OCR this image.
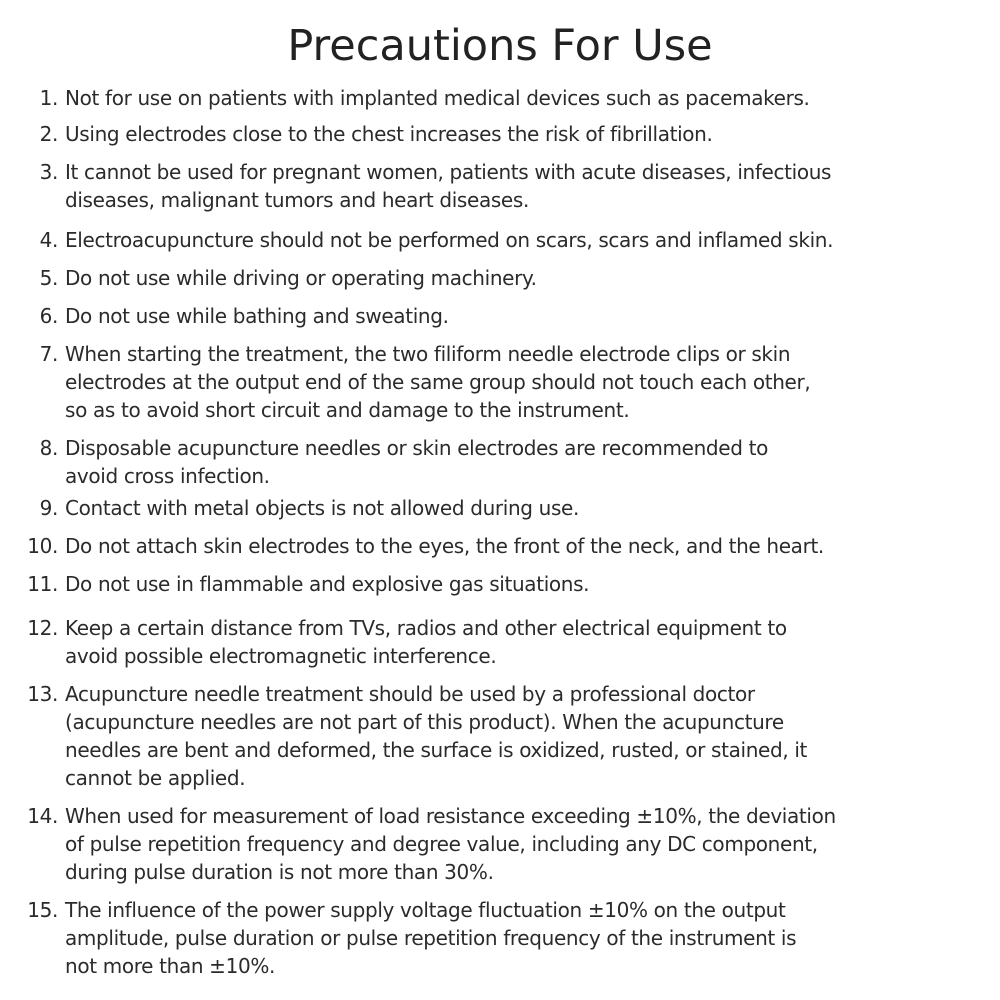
Precautions For Use
1. Not for use on patients with implanted medical devices such as pacemakers.
2. Using electrodes close to the chest increases the risk of fibrillation.
3. It cannot be used for pregnant women, patients with acute diseases, infectious
diseases, malignant tumors and heart diseases.
4. Electroacupuncture should not be performed on scars, scars and inflamed skin.
5. Do not use while driving or operating machinery.
6. Do not use while bathing and sweating.
7. When starting the treatment, the two filiform needle electrode clips or skin
electrodes at the output end of the same group should not touch each other,
so as to avoid short circuit and damage to the instrument.
8. Disposable acupuncture needles or skin electrodes are recommended to
avoid cross infection.
9. Contact with metal objects is not allowed during use.
10. Do not attach skin electrodes to the eyes, the front of the neck, and the heart.
11. Do not use in flammable and explosive gas situations.
12. Keep a certain distance from TVs, radios and other electrical equipment to
avoid possible electromagnetic interference.
13. Acupuncture needle treatment should be used by a professional doctor
(acupuncture needles are not part of this product). When the acupuncture
needles are bent and deformed, the surface is oxidized, rusted, or stained, it
cannot be applied.
14. When used for measurement of load resistance exceeding ±10%, the deviation
of pulse repetition frequency and degree value, including any DC component,
during pulse duration is not more than 30%.
15. The influence of the power supply voltage fluctuation ±10% on the output
amplitude, pulse duration or pulse repetition frequency of the instrument is
not more than ±10%.
